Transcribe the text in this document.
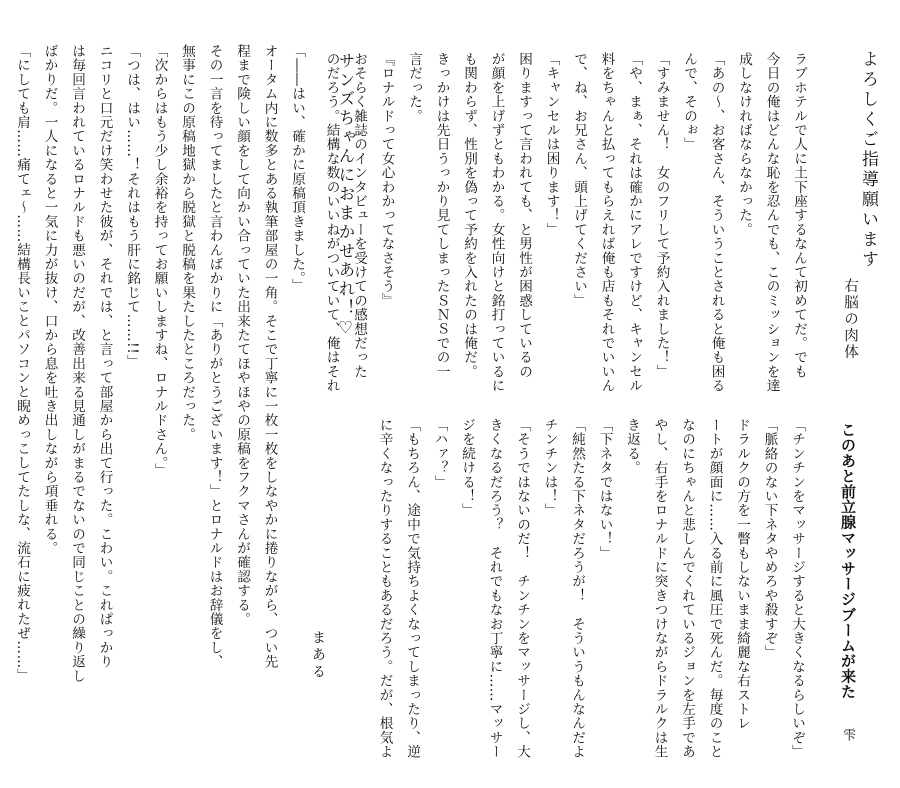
よろしくご指導願います
右脳の肉体
ラブホテルで人に土下座するなんて初めてだ。でも
今日の俺はどんな恥を忍んでも、このミッションを達
成しなければならなかった。
「あの〜、お客さん、そういうことされると俺も困る
んで、そのぉ」
「すみません！　女のフリして予約入れました！」
「や、まぁ、それは確かにアレですけど、キャンセル
料をちゃんと払ってもらえれば俺も店もそれでいいん
で、ね、お兄さん、頭上げてください」
「キャンセルは困ります！」
困りますって言われても、と男性が困惑しているの
が顔を上げずともわかる。女性向けと銘打っているに
も関わらず、性別を偽って予約を入れたのは俺だ。
きっかけは先日うっかり見てしまったＳＮＳでの一
言だった。
『ロナルドって女心わかってなさそう』
おそらく雑誌のインタビューを受けての感想だった
のだろう。結構な数のいいねがついていて、俺はそれ
このあと前立腺マッサージブームが来た
雫
「チンチンをマッサージすると大きくなるらしいぞ」
「脈絡のない下ネタやめろや殺すぞ」
ドラルクの方を一瞥もしないまま綺麗な右ストレ
ートが顔面に……入る前に風圧で死んだ。毎度のこと
なのにちゃんと悲しんでくれているジョンを左手であ
やし、右手をロナルドに突きつけながらドラルクは生
き返る。
「下ネタではない！」
「純然たる下ネタだろうが！　そういうもんなんだよ
チンチンは！」
「そうではないのだ！　チンチンをマッサージし、大
きくなるだろう？　それでもなお丁寧に……マッサー
ジを続ける！」
「ハァ？」
「もちろん、途中で気持ちよくなってしまったり、逆
に辛くなったりすることもあるだろう。だが、根気よ
サンズちゃんにおまかせあれ！♡
まある
「――はい、確かに原稿頂きました。」
オータム内に数多とある執筆部屋の一角。そこで丁寧に一枚一枚をしなやかに捲りながら、つい先
程まで険しい顔をして向かい合っていた出来たてほやほやの原稿をフクマさんが確認する。
その一言を待ってましたと言わんばかりに「ありがとうございます！」とロナルドはお辞儀をし、
無事にこの原稿地獄から脱獄と脱稿を果たしたところだった。
「次からはもう少し余裕を持ってお願いしますね、ロナルドさん。」
「つは、はい……！それはもう肝に銘じて……!!」
ニコリと口元だけ笑わせた彼が、それでは、と言って部屋から出て行った。こわい。これぱっかり
は毎回言われているロナルドも悪いのだが、改善出来る見通しがまるでないので同じことの繰り返し
ばかりだ。一人になると一気に力が抜け、口から息を吐き出しながら項垂れる。
「にしても肩……痛てェ〜……結構長いことパソコンと睨めっこしてたしな、流石に疲れたぜ……」
